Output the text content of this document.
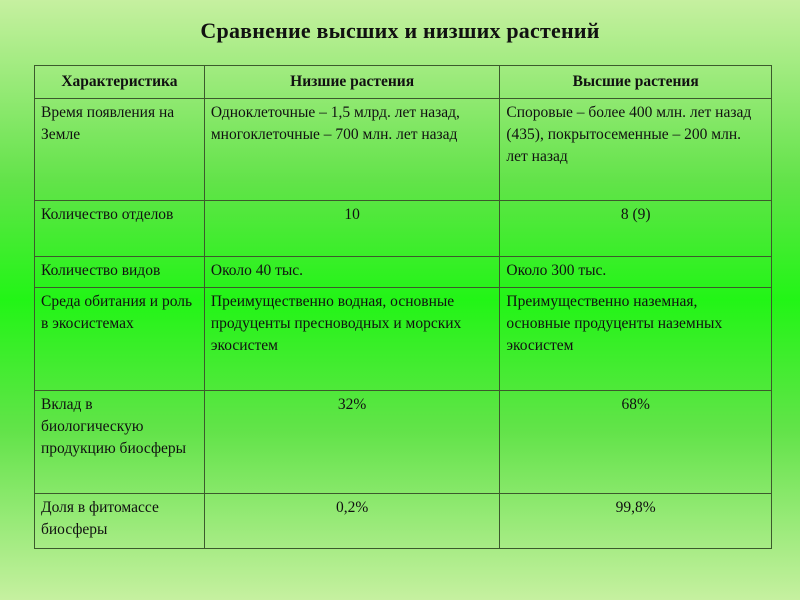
Сравнение высших и низших растений
Характеристика	Низшие растения	Высшие растения
Время появления на Земле	Одноклеточные – 1,5 млрд. лет назад, многоклеточные – 700 млн. лет назад	Споровые – более 400 млн. лет назад (435), покрытосеменные – 200 млн. лет назад
Количество отделов	10	8 (9)
Количество видов	Около 40 тыс.	Около 300 тыс.
Среда обитания и роль в экосистемах	Преимущественно водная, основные продуценты пресноводных и морских экосистем	Преимущественно наземная, основные продуценты наземных экосистем
Вклад в биологическую продукцию биосферы	32%	68%
Доля в фитомассе биосферы	0,2%	99,8%
